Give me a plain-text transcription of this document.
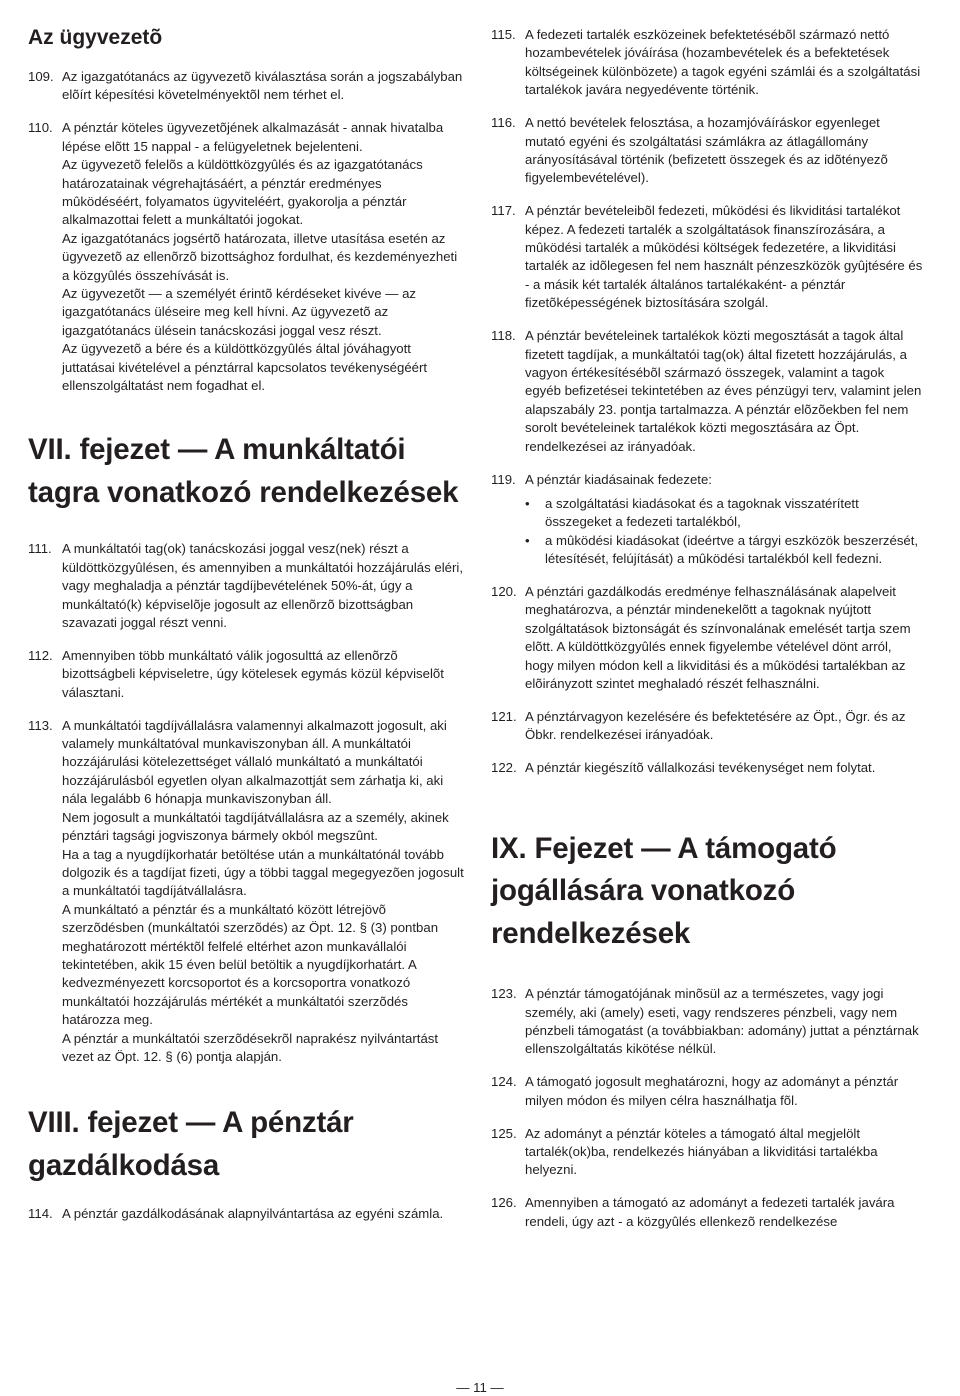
Az ügyvezetõ
109. Az igazgatótanács az ügyvezetõ kiválasztása során a jogszabályban elõírt képesítési követelményektõl nem térhet el.
110. A pénztár köteles ügyvezetõjének alkalmazását - annak hivatalba lépése elõtt 15 nappal - a felügyeletnek bejelenteni.
Az ügyvezetõ felelõs a küldöttközgyûlés és az igazgatótanács határozatainak végrehajtásáért, a pénztár eredményes mûködéséért, folyamatos ügyviteléért, gyakorolja a pénztár alkalmazottai felett a munkáltatói jogokat.
Az igazgatótanács jogsértõ határozata, illetve utasítása esetén az ügyvezetõ az ellenõrzõ bizottsághoz fordulhat, és kezdeményezheti a közgyûlés összehívását is.
Az ügyvezetõt — a személyét érintõ kérdéseket kivéve — az igazgatótanács üléseire meg kell hívni. Az ügyvezetõ az igazgatótanács ülésein tanácskozási joggal vesz részt.
Az ügyvezetõ a bére és a küldöttközgyûlés által jóváhagyott juttatásai kivételével a pénztárral kapcsolatos tevékenységéért ellenszolgáltatást nem fogadhat el.
VII. fejezet — A munkáltatói tagra vonatkozó rendelkezések
111. A munkáltatói tag(ok) tanácskozási joggal vesz(nek) részt a küldöttközgyûlésen, és amennyiben a munkáltatói hozzájárulás eléri, vagy meghaladja a pénztár tagdíjbevételének 50%-át, úgy a munkáltató(k) képviselõje jogosult az ellenõrzõ bizottságban szavazati joggal részt venni.
112. Amennyiben több munkáltató válik jogosulttá az ellenõrzõ bizottságbeli képviseletre, úgy kötelesek egymás közül képviselõt választani.
113. A munkáltatói tagdíjvállalásra valamennyi alkalmazott jogosult, aki valamely munkáltatóval munkaviszonyban áll. A munkáltatói hozzájárulási kötelezettséget vállaló munkáltató a munkáltatói hozzájárulásból egyetlen olyan alkalmazottját sem zárhatja ki, aki nála legalább 6 hónapja munkaviszonyban áll.
Nem jogosult a munkáltatói tagdíjátvállalásra az a személy, akinek pénztári tagsági jogviszonya bármely okból megszûnt.
Ha a tag a nyugdíjkorhatár betöltése után a munkáltatónál tovább dolgozik és a tagdíjat fizeti, úgy a többi taggal megegyezõen jogosult a munkáltatói tagdíjátvállalásra.
A munkáltató a pénztár és a munkáltató között létrejövõ szerzõdésben (munkáltatói szerzõdés) az Öpt. 12. § (3) pontban meghatározott mértéktõl felfelé eltérhet azon munkavállalói tekintetében, akik 15 éven belül betöltik a nyugdíjkorhatárt. A kedvezményezett korcsoportot és a korcsoportra vonatkozó munkáltatói hozzájárulás mértékét a munkáltatói szerzõdés határozza meg.
A pénztár a munkáltatói szerzõdésekrõl naprakész nyilvántartást vezet az Öpt. 12. § (6) pontja alapján.
VIII. fejezet — A pénztár gazdálkodása
114. A pénztár gazdálkodásának alapnyilvántartása az egyéni számla.
115. A fedezeti tartalék eszközeinek befektetésébõl származó nettó hozambevételek jóváírása (hozambevételek és a befektetések költségeinek különbözete) a tagok egyéni számlái és a szolgáltatási tartalékok javára negyedévente történik.
116. A nettó bevételek felosztása, a hozamjóváíráskor egyenleget mutató egyéni és szolgáltatási számlákra az átlagállomány arányosításával történik (befizetett összegek és az idõtényezõ figyelembevételével).
117. A pénztár bevételeibõl fedezeti, mûködési és likviditási tartalékot képez. A fedezeti tartalék a szolgáltatások finanszírozására, a mûködési tartalék a mûködési költségek fedezetére, a likviditási tartalék az idõlegesen fel nem használt pénzeszközök gyûjtésére és - a másik két tartalék általános tartalékaként- a pénztár fizetõképességének biztosítására szolgál.
118. A pénztár bevételeinek tartalékok közti megosztását a tagok által fizetett tagdíjak, a munkáltatói tag(ok) által fizetett hozzájárulás, a vagyon értékesítésébõl származó összegek, valamint a tagok egyéb befizetései tekintetében az éves pénzügyi terv, valamint jelen alapszabály 23. pontja tartalmazza. A pénztár elõzõekben fel nem sorolt bevételeinek tartalékok közti megosztására az Öpt. rendelkezései az irányadóak.
119. A pénztár kiadásainak fedezete:
• a szolgáltatási kiadásokat és a tagoknak visszatérített összegeket a fedezeti tartalékból,
• a mûködési kiadásokat (ideértve a tárgyi eszközök beszerzését, létesítését, felújítását) a mûködési tartalékból kell fedezni.
120. A pénztári gazdálkodás eredménye felhasználásának alapelveit meghatározva, a pénztár mindenekelõtt a tagoknak nyújtott szolgáltatások biztonságát és színvonalának emelését tartja szem elõtt. A küldöttközgyûlés ennek figyelembe vételével dönt arról, hogy milyen módon kell a likviditási és a mûködési tartalékban az elõirányzott szintet meghaladó részét felhasználni.
121. A pénztárvagyon kezelésére és befektetésére az Öpt., Ögr. és az Öbkr. rendelkezései irányadóak.
122. A pénztár kiegészítõ vállalkozási tevékenységet nem folytat.
IX. Fejezet — A támogató jogállására vonatkozó rendelkezések
123. A pénztár támogatójának minõsül az a természetes, vagy jogi személy, aki (amely) eseti, vagy rendszeres pénzbeli, vagy nem pénzbeli támogatást (a továbbiakban: adomány) juttat a pénztárnak ellenszolgáltatás kikötése nélkül.
124. A támogató jogosult meghatározni, hogy az adományt a pénztár milyen módon és milyen célra használhatja fõl.
125. Az adományt a pénztár köteles a támogató által megjelölt tartalék(ok)ba, rendelkezés hiányában a likviditási tartalékba helyezni.
126. Amennyiben a támogató az adományt a fedezeti tartalék javára rendeli, úgy azt - a közgyûlés ellenkezõ rendelkezése
— 11 —
